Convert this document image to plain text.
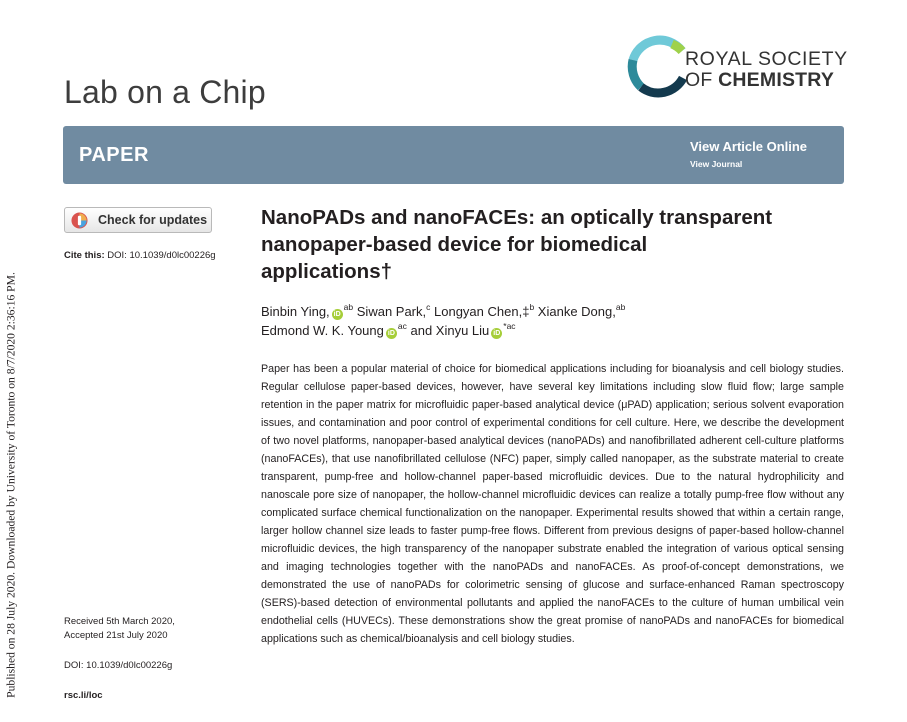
Published on 28 July 2020. Downloaded by University of Toronto on 8/7/2020 2:36:16 PM.
Lab on a Chip
ROYAL SOCIETY
OF CHEMISTRY
PAPER	View Article Online
View Journal
Check for updates
Cite this: DOI: 10.1039/d0lc00226g
NanoPADs and nanoFACEs: an optically transparent nanopaper-based device for biomedical applications†
Binbin Ying, $iD^{ab}$ Siwan Park,$^c$ Longyan Chen,‡$^b$ Xianke Dong,$^{ab}$
Edmond W. K. Young $iD^{ac}$ and Xinyu Liu $iD^{*ac}$

Paper has been a popular material of choice for biomedical applications including for bioanalysis and cell biology studies. Regular cellulose paper-based devices, however, have several key limitations including slow fluid flow; large sample retention in the paper matrix for microfluidic paper-based analytical device (μPAD) application; serious solvent evaporation issues, and contamination and poor control of experimental conditions for cell culture. Here, we describe the development of two novel platforms, nanopaper-based analytical devices (nanoPADs) and nanofibrillated adherent cell-culture platforms (nanoFACEs), that use nanofibrillated cellulose (NFC) paper, simply called nanopaper, as the substrate material to create transparent, pump-free and hollow-channel paper-based microfluidic devices. Due to the natural hydrophilicity and nanoscale pore size of nanopaper, the hollow-channel microfluidic devices can realize a totally pump-free flow without any complicated surface chemical functionalization on the nanopaper. Experimental results showed that within a certain range, larger hollow channel size leads to faster pump-free flows. Different from previous designs of paper-based hollow-channel microfluidic devices, the high transparency of the nanopaper substrate enabled the integration of various optical sensing and imaging technologies together with the nanoPADs and nanoFACEs. As proof-of-concept demonstrations, we demonstrated the use of nanoPADs for colorimetric sensing of glucose and surface-enhanced Raman spectroscopy (SERS)-based detection of environmental pollutants and applied the nanoFACEs to the culture of human umbilical vein endothelial cells (HUVECs). These demonstrations show the great promise of nanoPADs and nanoFACEs for biomedical applications such as chemical/bioanalysis and cell biology studies.

Received 5th March 2020,
Accepted 21st July 2020
DOI: 10.1039/d0lc00226g
rsc.li/loc
